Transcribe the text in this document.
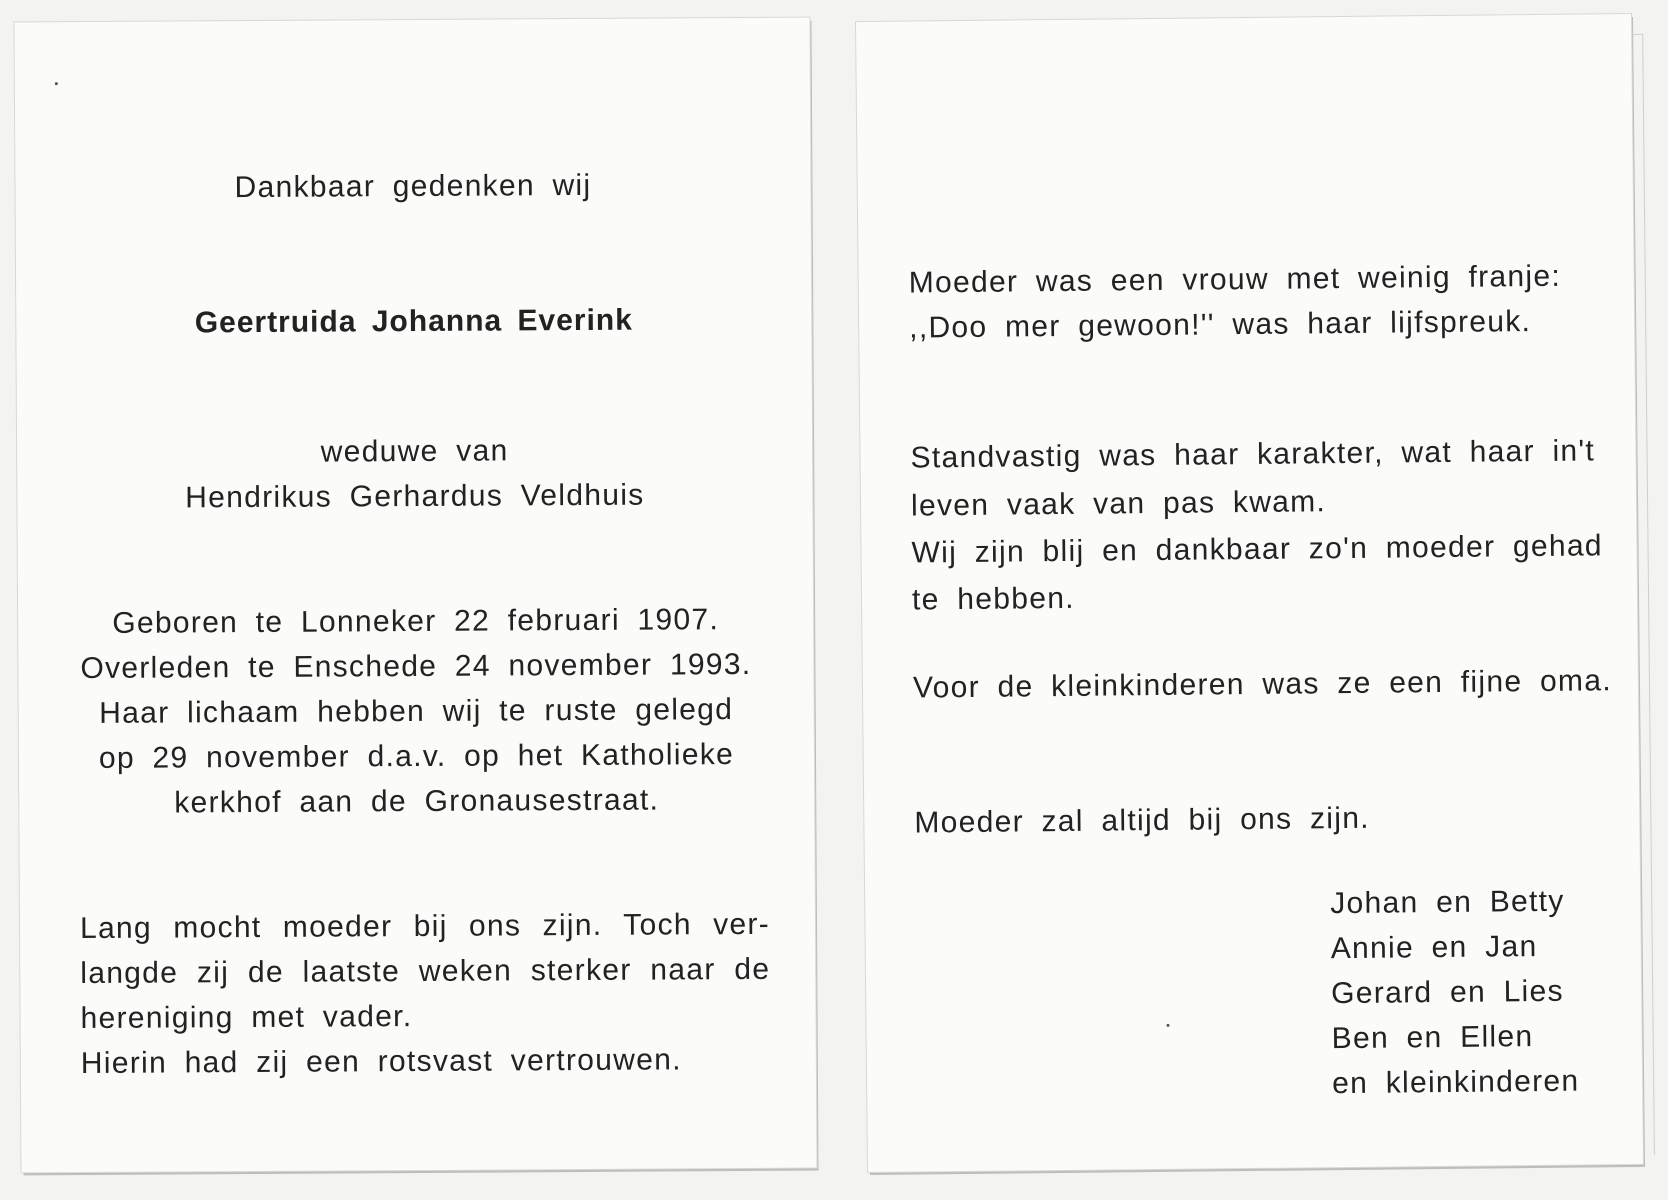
Dankbaar gedenken wij
Geertruida Johanna Everink
weduwe van
Hendrikus Gerhardus Veldhuis
Geboren te Lonneker 22 februari 1907.
Overleden te Enschede 24 november 1993.
Haar lichaam hebben wij te ruste gelegd
op 29 november d.a.v. op het Katholieke
kerkhof aan de Gronausestraat.
Lang mocht moeder bij ons zijn. Toch ver-
langde zij de laatste weken sterker naar de
hereniging met vader.
Hierin had zij een rotsvast vertrouwen.
Moeder was een vrouw met weinig franje:
,,Doo mer gewoon!'' was haar lijfspreuk.
Standvastig was haar karakter, wat haar in't
leven vaak van pas kwam.
Wij zijn blij en dankbaar zo'n moeder gehad
te hebben.
Voor de kleinkinderen was ze een fijne oma.
Moeder zal altijd bij ons zijn.
Johan en Betty
Annie en Jan
Gerard en Lies
Ben en Ellen
en kleinkinderen
